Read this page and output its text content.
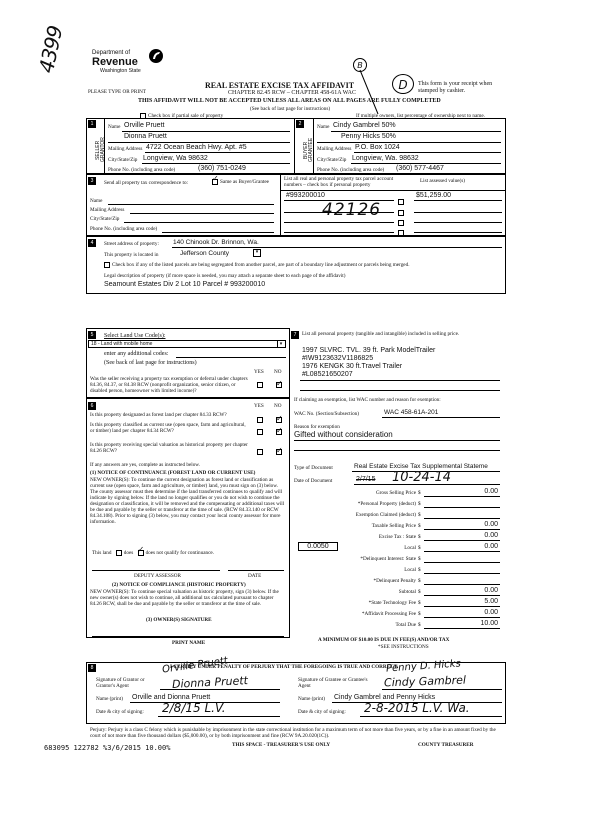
4399	Department of
Revenue
Washington State
PLEASE TYPE OR PRINT
REAL ESTATE EXCISE TAX AFFIDAVIT
CHAPTER 82.45 RCW – CHAPTER 458-61A WAC
THIS AFFIDAVIT WILL NOT BE ACCEPTED UNLESS ALL AREAS ON ALL PAGES ARE FULLY COMPLETED
(See back of last page for instructions)
This form is your receipt when stamped by cashier.
D
B
Check box if partial sale of property	If multiple owners, list percentage of ownership next to name.
1	2
SELLER GRANTOR	BUYER GRANTEE
Name Orville Pruett
Dionna Pruett
Mailing Address 4722 Ocean Beach Hwy. Apt. #5
City/State/Zip Longview, Wa 98632
Phone No. (including area code)	(360) 751-0249
Name Cindy Gambrel 50%
Penny Hicks 50%
Mailing Address P.O. Box 1024
City/State/Zip Longview, Wa. 98632
Phone No. (including area code) (360) 577-4467
3	Send all property tax correspondence to: ✓	Same as Buyer/Grantee
List all real and personal property tax parcel account numbers – check box if personal property
List assessed value(s)
Name
Mailing Address
City/State/Zip
Phone No. (including area code)
#993200010
42126
$51,259.00
4	Street address of property: 140 Chinook Dr. Brinnon, Wa.
This property is located in	Jefferson County	▾
Check box if any of the listed parcels are being segregated from another parcel, are part of a boundary line adjustment or parcels being merged.
Legal description of property (if more space is needed, you may attach a separate sheet to each page of the affidavit)
Seamount Estates Div 2 Lot 10 Parcel # 993200010
5	Select Land Use Code(s):
18 - Land with mobile home	▾
enter any additional codes:
(See back of last page for instructions)
YES NO
Was the seller receiving a property tax exemption or deferral under chapters 84.36, 84.37, or 84.38 RCW (nonprofit organization, senior citizen, or disabled person, homeowner with limited income)?
✓
6	YES NO
Is this property designated as forest land per chapter 84.33 RCW?
✓
Is this property classified as current use (open space, farm and agricultural, or timber) land per chapter 84.34 RCW?
✓
Is this property receiving special valuation as historical property per chapter 84.26 RCW?
✓
If any answers are yes, complete as instructed below.
(1) NOTICE OF CONTINUANCE (FOREST LAND OR CURRENT USE)
NEW OWNER(S): To continue the current designation as forest land or classification as current use (open space, farm and agriculture, or timber) land, you must sign on (3) below. The county assessor must then determine if the land transferred continues to qualify and will indicate by signing below. If the land no longer qualifies or you do not wish to continue the designation or classification, it will be removed and the compensating or additional taxes will be due and payable by the seller or transferor at the time of sale. (RCW 84.33.140 or RCW 84.34.108). Prior to signing (3) below, you may contact your local county assessor for more information.
This land does ✓ does not qualify for continuance.
DEPUTY ASSESSOR	DATE
(2) NOTICE OF COMPLIANCE (HISTORIC PROPERTY)
NEW OWNER(S): To continue special valuation as historic property, sign (3) below. If the new owner(s) does not wish to continue, all additional tax calculated pursuant to chapter 84.26 RCW, shall be due and payable by the seller or transferor at the time of sale.
(3) OWNER(S) SIGNATURE
PRINT NAME
7	List all personal property (tangible and intangible) included in selling price.
1997 SLVRC. TVL. 39 ft. Park ModelTrailer
#IW9123632V1186825
1976 KENGK 30 ft.Travel Trailer
#L08521650207
If claiming an exemption, list WAC number and reason for exemption:
WAC No. (Section/Subsection)	WAC 458-61A-201
Reason for exemption
Gifted without consideration
Type of Document	Real Estate Excise Tax Supplemental Stateme
Date of Document	2/7/15 10-24-14
Gross Selling Price $	0.00
*Personal Property (deduct) $
Exemption Claimed (deduct) $
Taxable Selling Price $	0.00
Excise Tax : State $	0.00
0.0050	Local $	0.00
*Delinquent Interest: State $
Local $
*Delinquent Penalty $
Subtotal $	0.00
*State Technology Fee $	5.00
*Affidavit Processing Fee $	0.00
Total Due $	10.00
A MINIMUM OF $10.00 IS DUE IN FEE(S) AND/OR TAX
*SEE INSTRUCTIONS
8	I CERTIFY UNDER PENALTY OF PERJURY THAT THE FOREGOING IS TRUE AND CORRECT.
Orville Pruett
Dionna Pruett
Penny D. Hicks
Cindy Gambrel
Signature of Grantor or Grantor's Agent
Signature of Grantee or Grantee's Agent
Name (print) Orville and Dionna Pruett	Name (print) Cindy Gambrel and Penny Hicks
Date & city of signing: 2/8/15 L.V.	Date & city of signing: 2-8-2015 L.V. Wa.
Perjury: Perjury is a class C felony which is punishable by imprisonment in the state correctional institution for a maximum term of not more than five years, or by a fine in an amount fixed by the court of not more than five thousand dollars ($5,000.00), or by both imprisonment and fine (RCW 9A.20.020(1C)).
683095 122782 %3/6/2015 10.00%	THIS SPACE - TREASURER'S USE ONLY	COUNTY TREASURER
